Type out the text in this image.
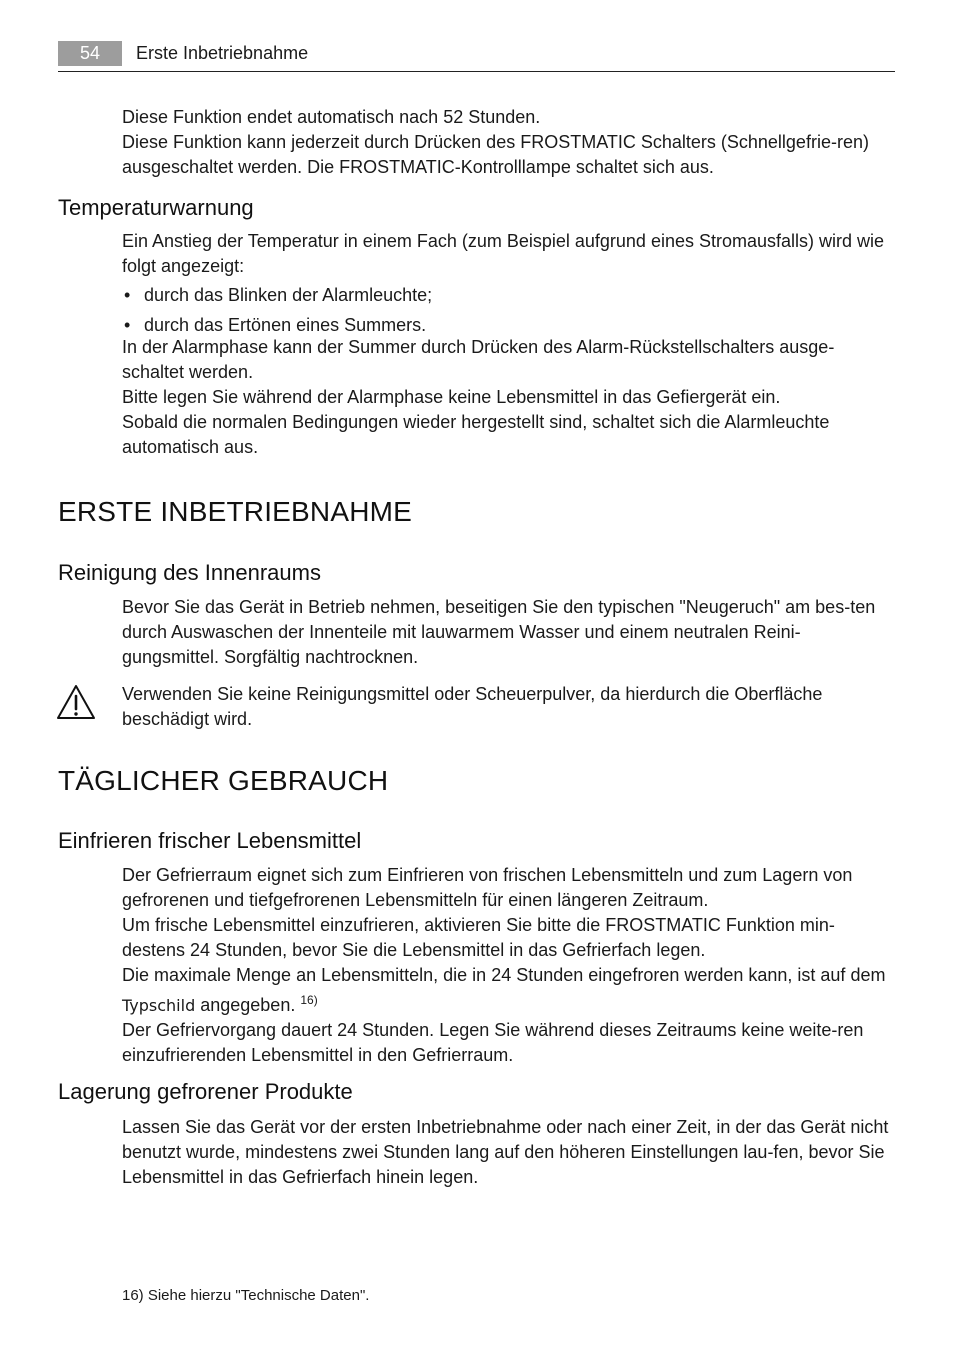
54	Erste Inbetriebnahme

Diese Funktion endet automatisch nach 52 Stunden.

Diese Funktion kann jederzeit durch Drücken des FROSTMATIC Schalters (Schnellgefrie-ren) ausgeschaltet werden. Die FROSTMATIC-Kontrolllampe schaltet sich aus.

Temperaturwarnung

Ein Anstieg der Temperatur in einem Fach (zum Beispiel aufgrund eines Stromausfalls) wird wie folgt angezeigt:

• durch das Blinken der Alarmleuchte;
• durch das Ertönen eines Summers.

In der Alarmphase kann der Summer durch Drücken des Alarm-Rückstellschalters ausge-schaltet werden.

Bitte legen Sie während der Alarmphase keine Lebensmittel in das Gefiergerät ein.

Sobald die normalen Bedingungen wieder hergestellt sind, schaltet sich die Alarmleuchte automatisch aus.

ERSTE INBETRIEBNAHME
Reinigung des Innenraums

Bevor Sie das Gerät in Betrieb nehmen, beseitigen Sie den typischen "Neugeruch" am bes-ten durch Auswaschen der Innenteile mit lauwarmem Wasser und einem neutralen Reini-gungsmittel. Sorgfältig nachtrocknen.

Verwenden Sie keine Reinigungsmittel oder Scheuerpulver, da hierdurch die Oberfläche beschädigt wird.

TÄGLICHER GEBRAUCH
Einfrieren frischer Lebensmittel

Der Gefrierraum eignet sich zum Einfrieren von frischen Lebensmitteln und zum Lagern von gefrorenen und tiefgefrorenen Lebensmitteln für einen längeren Zeitraum.

Um frische Lebensmittel einzufrieren, aktivieren Sie bitte die FROSTMATIC Funktion min-destens 24 Stunden, bevor Sie die Lebensmittel in das Gefrierfach legen.

Die maximale Menge an Lebensmitteln, die in 24 Stunden eingefroren werden kann, ist auf dem Typschild angegeben. $^{16)}$

Der Gefriervorgang dauert 24 Stunden. Legen Sie während dieses Zeitraums keine weite-ren einzufrierenden Lebensmittel in den Gefrierraum.

Lagerung gefrorener Produkte

Lassen Sie das Gerät vor der ersten Inbetriebnahme oder nach einer Zeit, in der das Gerät nicht benutzt wurde, mindestens zwei Stunden lang auf den höheren Einstellungen lau-fen, bevor Sie Lebensmittel in das Gefrierfach hinein legen.

16) Siehe hierzu "Technische Daten".
